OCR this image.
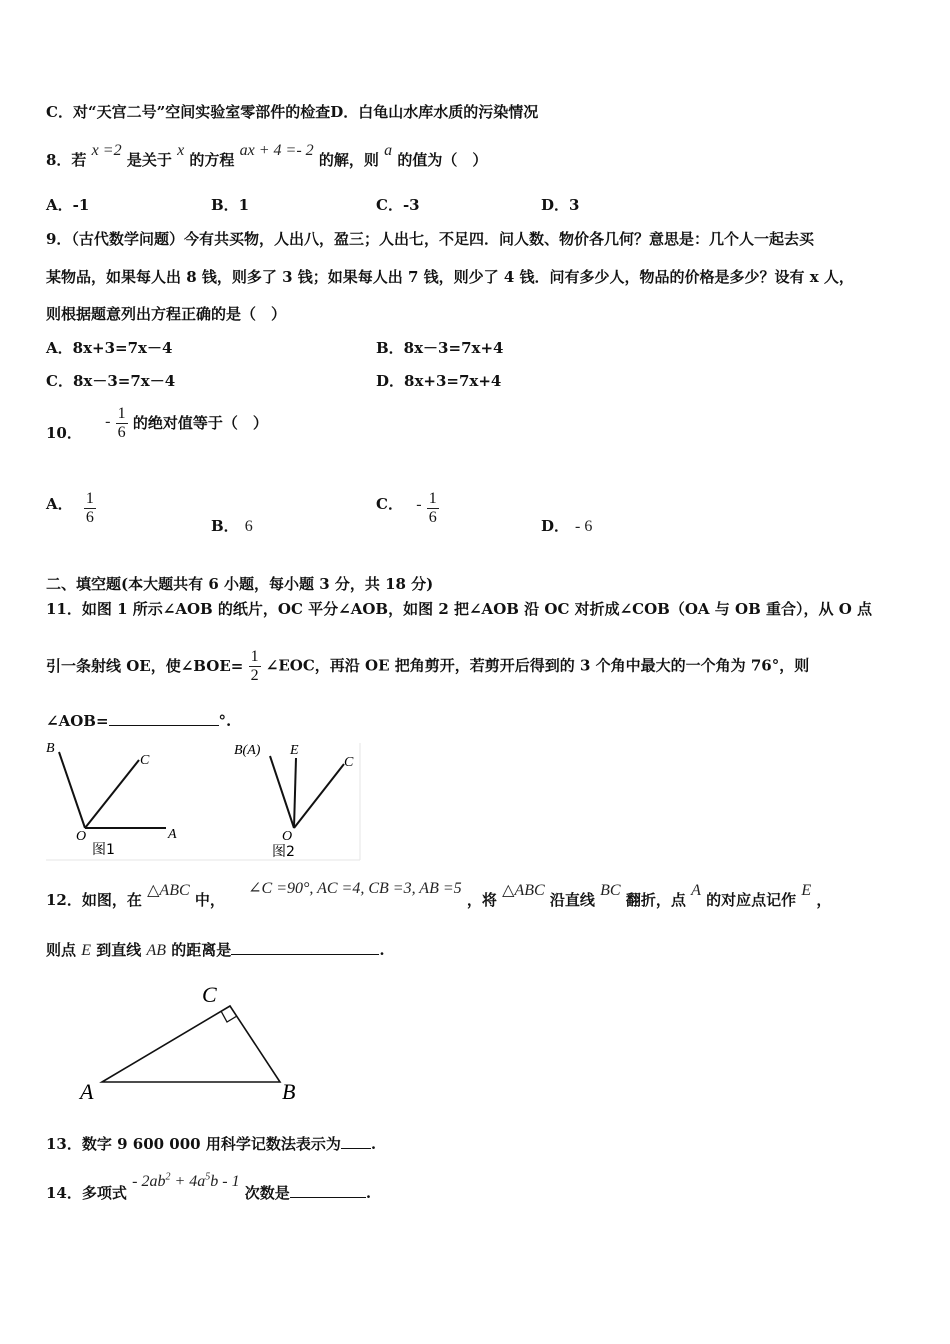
C．对“天宫二号”空间实验室零部件的检查D．白龟山水库水质的污染情况
8．若 x =2 是关于 x 的方程 ax + 4 =- 2 的解，则 a 的值为（　）
A．-1	B．1	C．-3	D．3
9．（古代数学问题）今有共买物，人出八，盈三；人出七，不足四．问人数、物价各几何？意思是：几个人一起去买
某物品，如果每人出 8 钱，则多了 3 钱；如果每人出 7 钱，则少了 4 钱．问有多少人，物品的价格是多少？设有 x 人，
则根据题意列出方程正确的是（　）
A．8x+3=7x－4	B．8x－3=7x+4
C．8x－3=7x－4	D．8x+3=7x+4
10． - $\frac{1}{6}$ 的绝对值等于（　）
A． $\frac{1}{6}$	B． 6
C． - $\frac{1}{6}$	D． - 6
二、填空题(本大题共有 6 小题，每小题 3 分，共 18 分)
11．如图 1 所示∠AOB 的纸片，OC 平分∠AOB，如图 2 把∠AOB 沿 OC 对折成∠COB（OA 与 OB 重合），从 O 点
引一条射线 OE，使∠BOE= $\frac{1}{2}$ ∠EOC，再沿 OE 把角剪开，若剪开后得到的 3 个角中最大的一个角为 76°，则
∠AOB=	°.
B
C
O	A
图1
B(A) E
C
O
图2
12．如图，在 △ABC 中， ∠C =90°, AC =4, CB =3, AB =5 ，将 △ABC 沿直线 BC 翻折，点 A 的对应点记作 E ，
则点 E 到直线 AB 的距离是	.
A
C
B
13．数字 9 600 000 用科学记数法表示为 .
14．多项式 - $2ab^2 + 4a^5b - 1$ 次数是	.
